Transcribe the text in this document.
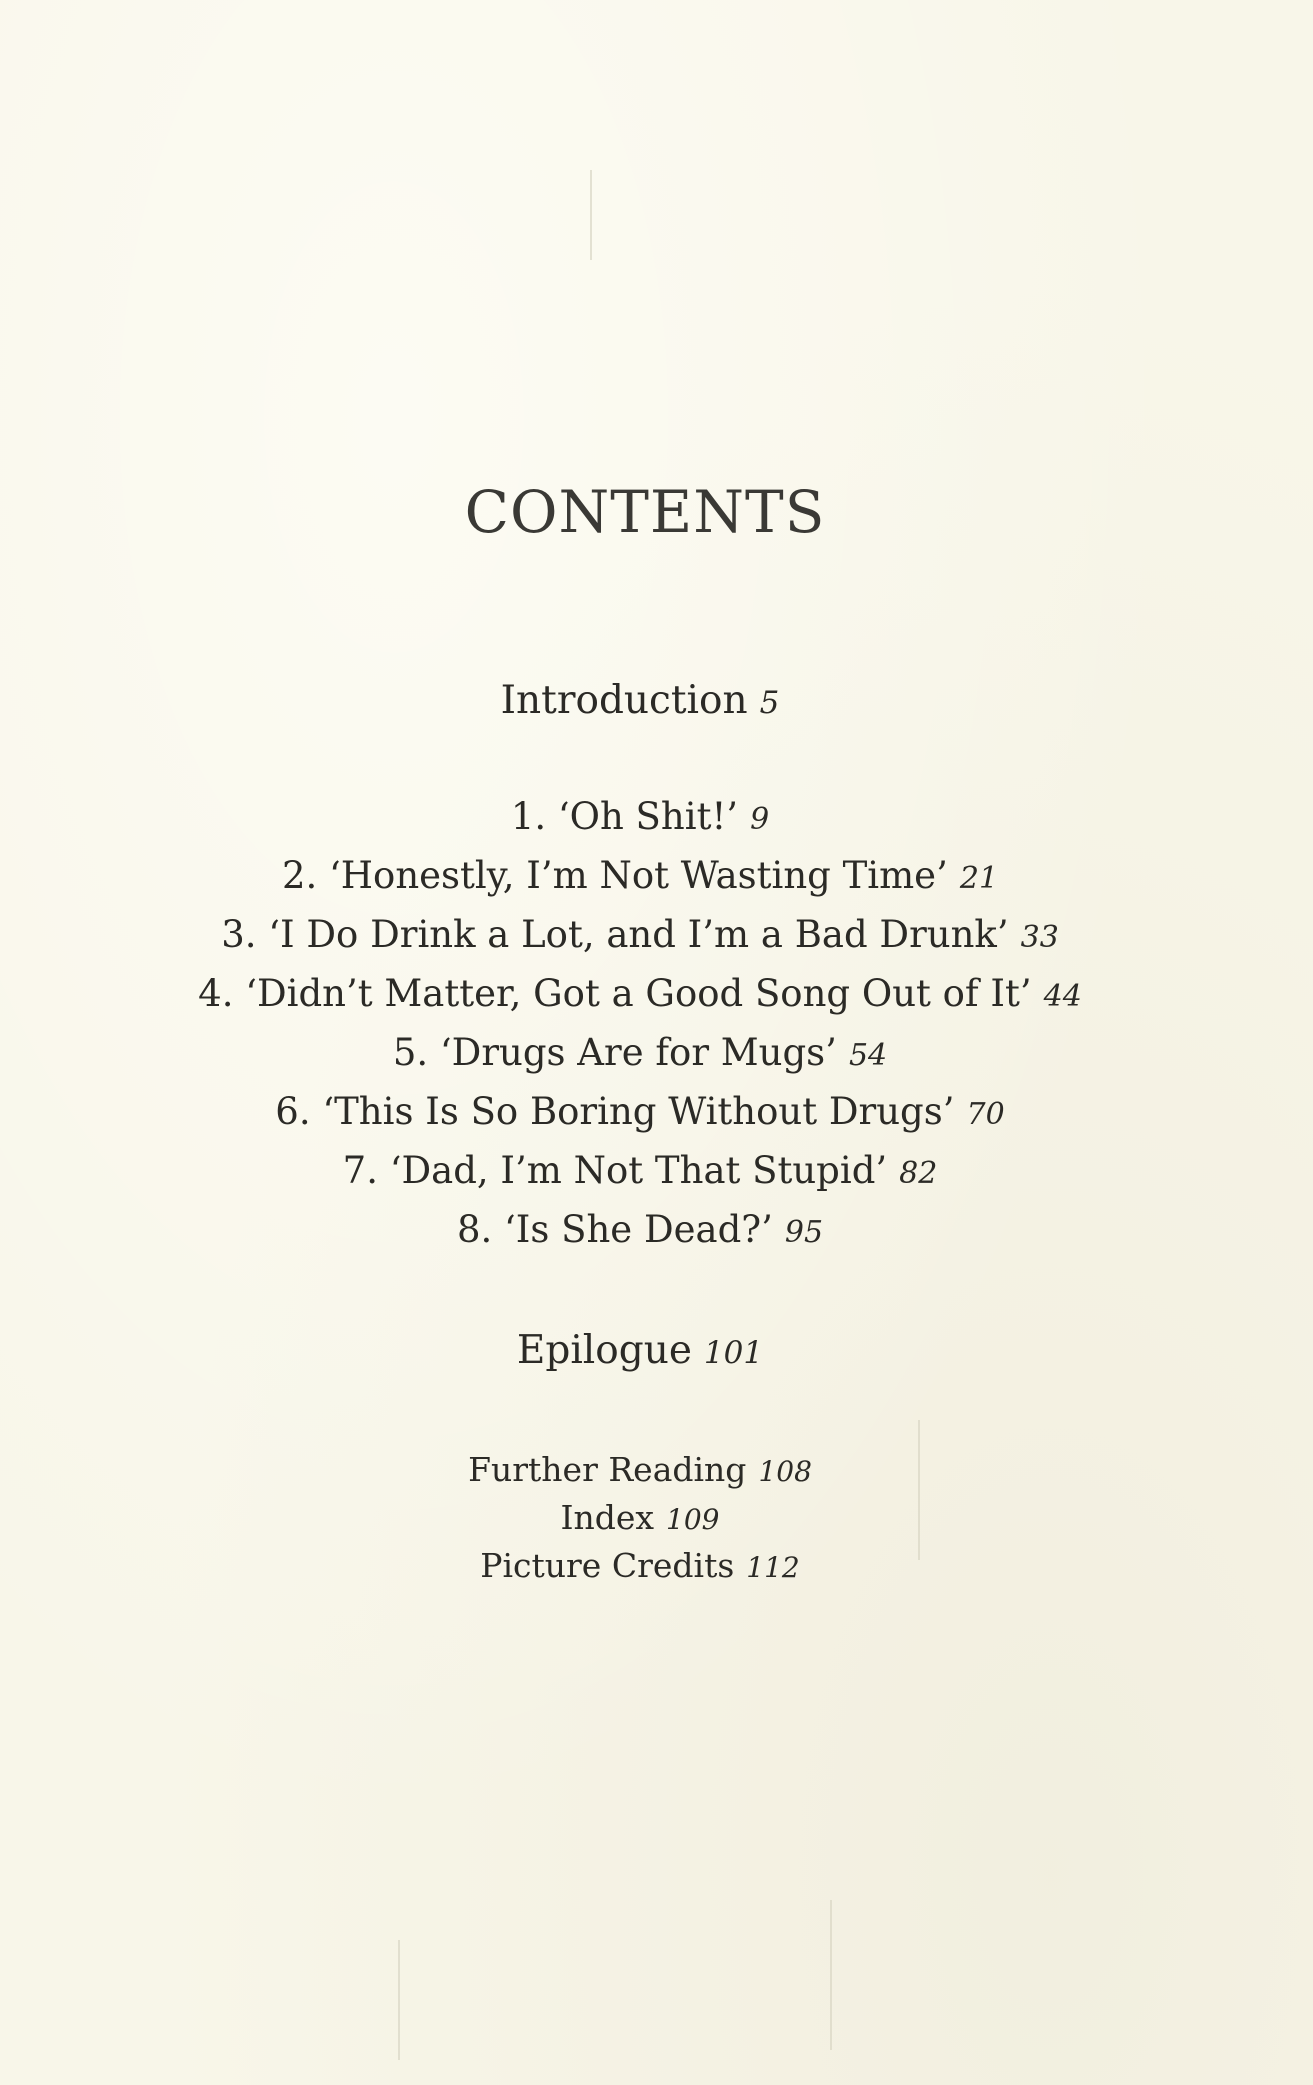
CONTENTS
Introduction 5
1. ‘Oh Shit!’ 9
2. ‘Honestly, I’m Not Wasting Time’ 21
3. ‘I Do Drink a Lot, and I’m a Bad Drunk’ 33
4. ‘Didn’t Matter, Got a Good Song Out of It’ 44
5. ‘Drugs Are for Mugs’ 54
6. ‘This Is So Boring Without Drugs’ 70
7. ‘Dad, I’m Not That Stupid’ 82
8. ‘Is She Dead?’ 95
Epilogue 101
Further Reading 108
Index 109
Picture Credits 112
